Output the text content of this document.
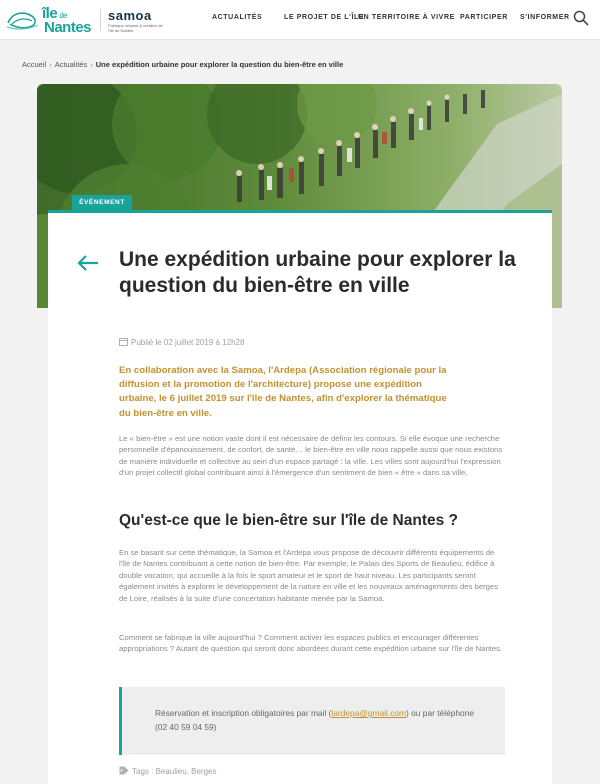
île de
Nantes
samoa
Fabrique urbaine & créative de l'île de Nantes
ACTUALITÉS	LE PROJET DE L'ÎLE
UN TERRITOIRE À VIVRE PARTICIPER S'INFORMER
Accueil › Actualités › Une expédition urbaine pour explorer la question du bien-être en ville
ÉVÉNEMENT
Une expédition urbaine pour explorer la question du bien-être en ville
Publié le 02 juillet 2019 à 12h28

En collaboration avec la Samoa, l'Ardepa (Association régionale pour la diffusion et la promotion de l'architecture) propose une expédition urbaine, le 6 juillet 2019 sur l'île de Nantes, afin d'explorer la thématique du bien-être en ville.

Le « bien-être » est une notion vaste dont il est nécessaire de définir les contours. Si elle évoque une recherche personnelle d'épanouissement, de confort, de santé… le bien-être en ville nous rappelle aussi que nous existons de manière individuelle et collective au sein d'un espace partagé : la ville. Les villes sont aujourd'hui l'expression d'un projet collectif global contribuant ainsi à l'émergence d'un sentiment de bien « être » dans sa ville.

Qu'est-ce que le bien-être sur l'île de Nantes ?

En se basant sur cette thématique, la Samoa et l'Ardepa vous propose de découvrir différents équipements de l'île de Nantes contribuant à cette notion de bien-être. Par exemple, le Palais des Sports de Beaulieu, édifice à double vocation, qui accueille à la fois le sport amateur et le sport de haut niveau. Les participants seront également invités à explorer le développement de la nature en ville et les nouveaux aménagements des berges de Loire, réalisés à la suite d'une concertation habitante menée par la Samoa.

Comment se fabrique la ville aujourd'hui ? Comment activer les espaces publics et encourager différentes appropriations ? Autant de question qui seront donc abordées durant cette expédition urbaine sur l'île de Nantes.

Réservation et inscription obligatoires par mail (lardepa@gmail.com) ou par téléphone (02 40 59 04 59)

Tags : Beaulieu, Berges
